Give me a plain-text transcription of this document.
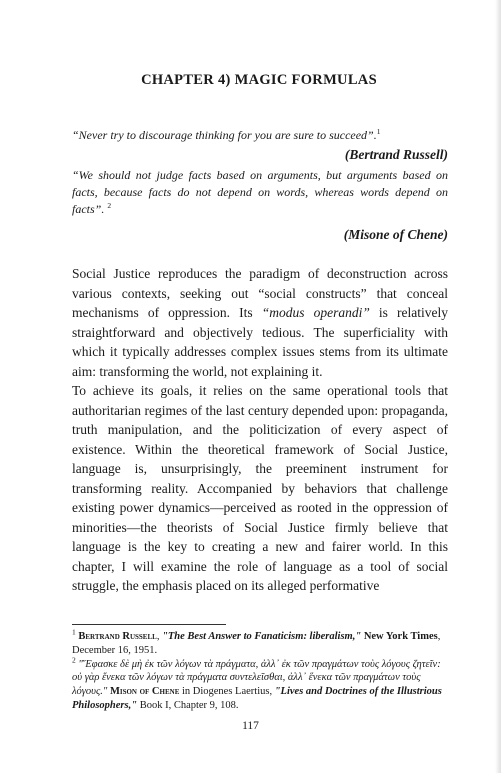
CHAPTER 4) MAGIC FORMULAS

“Never try to discourage thinking for you are sure to succeed”.$^1$

(Bertrand Russell)

“We should not judge facts based on arguments, but arguments based on facts, because facts do not depend on words, whereas words depend on facts”. $^2$

(Misone of Chene)

Social Justice reproduces the paradigm of deconstruction across various contexts, seeking out “social constructs” that conceal mechanisms of oppression. Its “modus operandi” is relatively straightforward and objectively tedious. The superficiality with which it typically addresses complex issues stems from its ultimate aim: transforming the world, not explaining it.

To achieve its goals, it relies on the same operational tools that authoritarian regimes of the last century depended upon: propaganda, truth manipulation, and the politicization of every aspect of existence. Within the theoretical framework of Social Justice, language is, unsurprisingly, the preeminent instrument for transforming reality. Accompanied by behaviors that challenge existing power dynamics—perceived as rooted in the oppression of minorities—the theorists of Social Justice firmly believe that language is the key to creating a new and fairer world. In this chapter, I will examine the role of language as a tool of social struggle, the emphasis placed on its alleged performative

$^1$ Bertrand Russell, "The Best Answer to Fanaticism: liberalism," New York Times, December 16, 1951.

$^2$ "Ἔφασκε δὲ μὴ ἐκ τῶν λόγων τὰ πράγματα, ἀλλ᾽ ἐκ τῶν πραγμάτων τοὺς λόγους ζητεῖν: οὐ γὰρ ἕνεκα τῶν λόγων τὰ πράγματα συντελεῖσθαι, ἀλλ᾽ ἕνεκα τῶν πραγμάτων τοὺς λόγους." Mison of Chene in Diogenes Laertius, "Lives and Doctrines of the Illustrious Philosophers," Book I, Chapter 9, 108.

117
